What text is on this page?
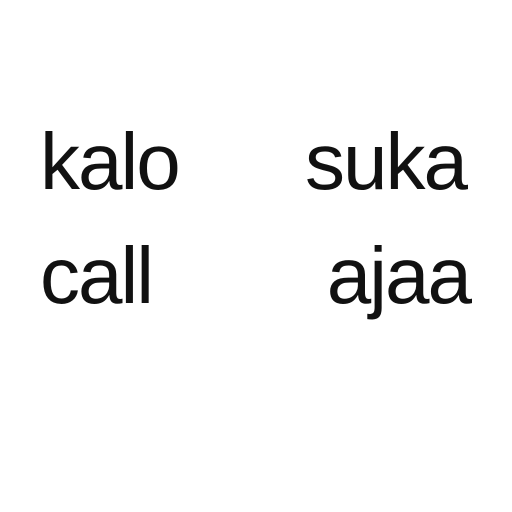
kalo suka
call ajaa
